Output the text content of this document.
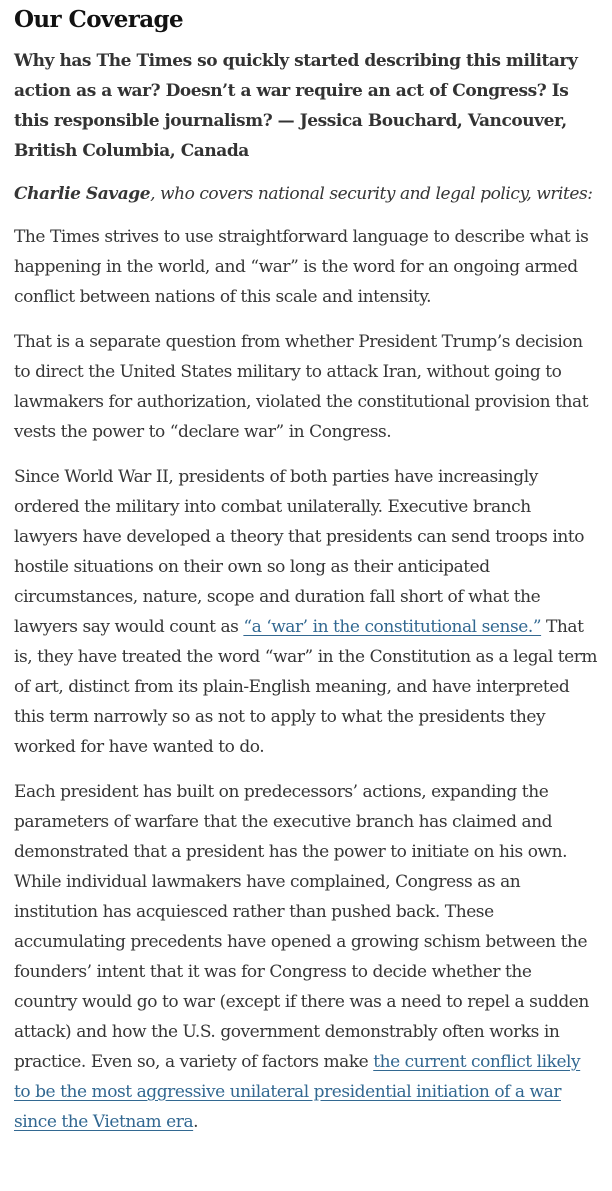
Our Coverage

Why has The Times so quickly started describing this military action as a war? Doesn’t a war require an act of Congress? Is this responsible journalism? — Jessica Bouchard, Vancouver, British Columbia, Canada

Charlie Savage, who covers national security and legal policy, writes:

The Times strives to use straightforward language to describe what is happening in the world, and “war” is the word for an ongoing armed conflict between nations of this scale and intensity.

That is a separate question from whether President Trump’s decision to direct the United States military to attack Iran, without going to lawmakers for authorization, violated the constitutional provision that vests the power to “declare war” in Congress.

Since World War II, presidents of both parties have increasingly ordered the military into combat unilaterally. Executive branch lawyers have developed a theory that presidents can send troops into hostile situations on their own so long as their anticipated circumstances, nature, scope and duration fall short of what the lawyers say would count as “a ‘war’ in the constitutional sense.” That is, they have treated the word “war” in the Constitution as a legal term of art, distinct from its plain-English meaning, and have interpreted this term narrowly so as not to apply to what the presidents they worked for have wanted to do.

Each president has built on predecessors’ actions, expanding the parameters of warfare that the executive branch has claimed and demonstrated that a president has the power to initiate on his own. While individual lawmakers have complained, Congress as an institution has acquiesced rather than pushed back. These accumulating precedents have opened a growing schism between the founders’ intent that it was for Congress to decide whether the country would go to war (except if there was a need to repel a sudden attack) and how the U.S. government demonstrably often works in practice. Even so, a variety of factors make the current conflict likely to be the most aggressive unilateral presidential initiation of a war since the Vietnam era.
